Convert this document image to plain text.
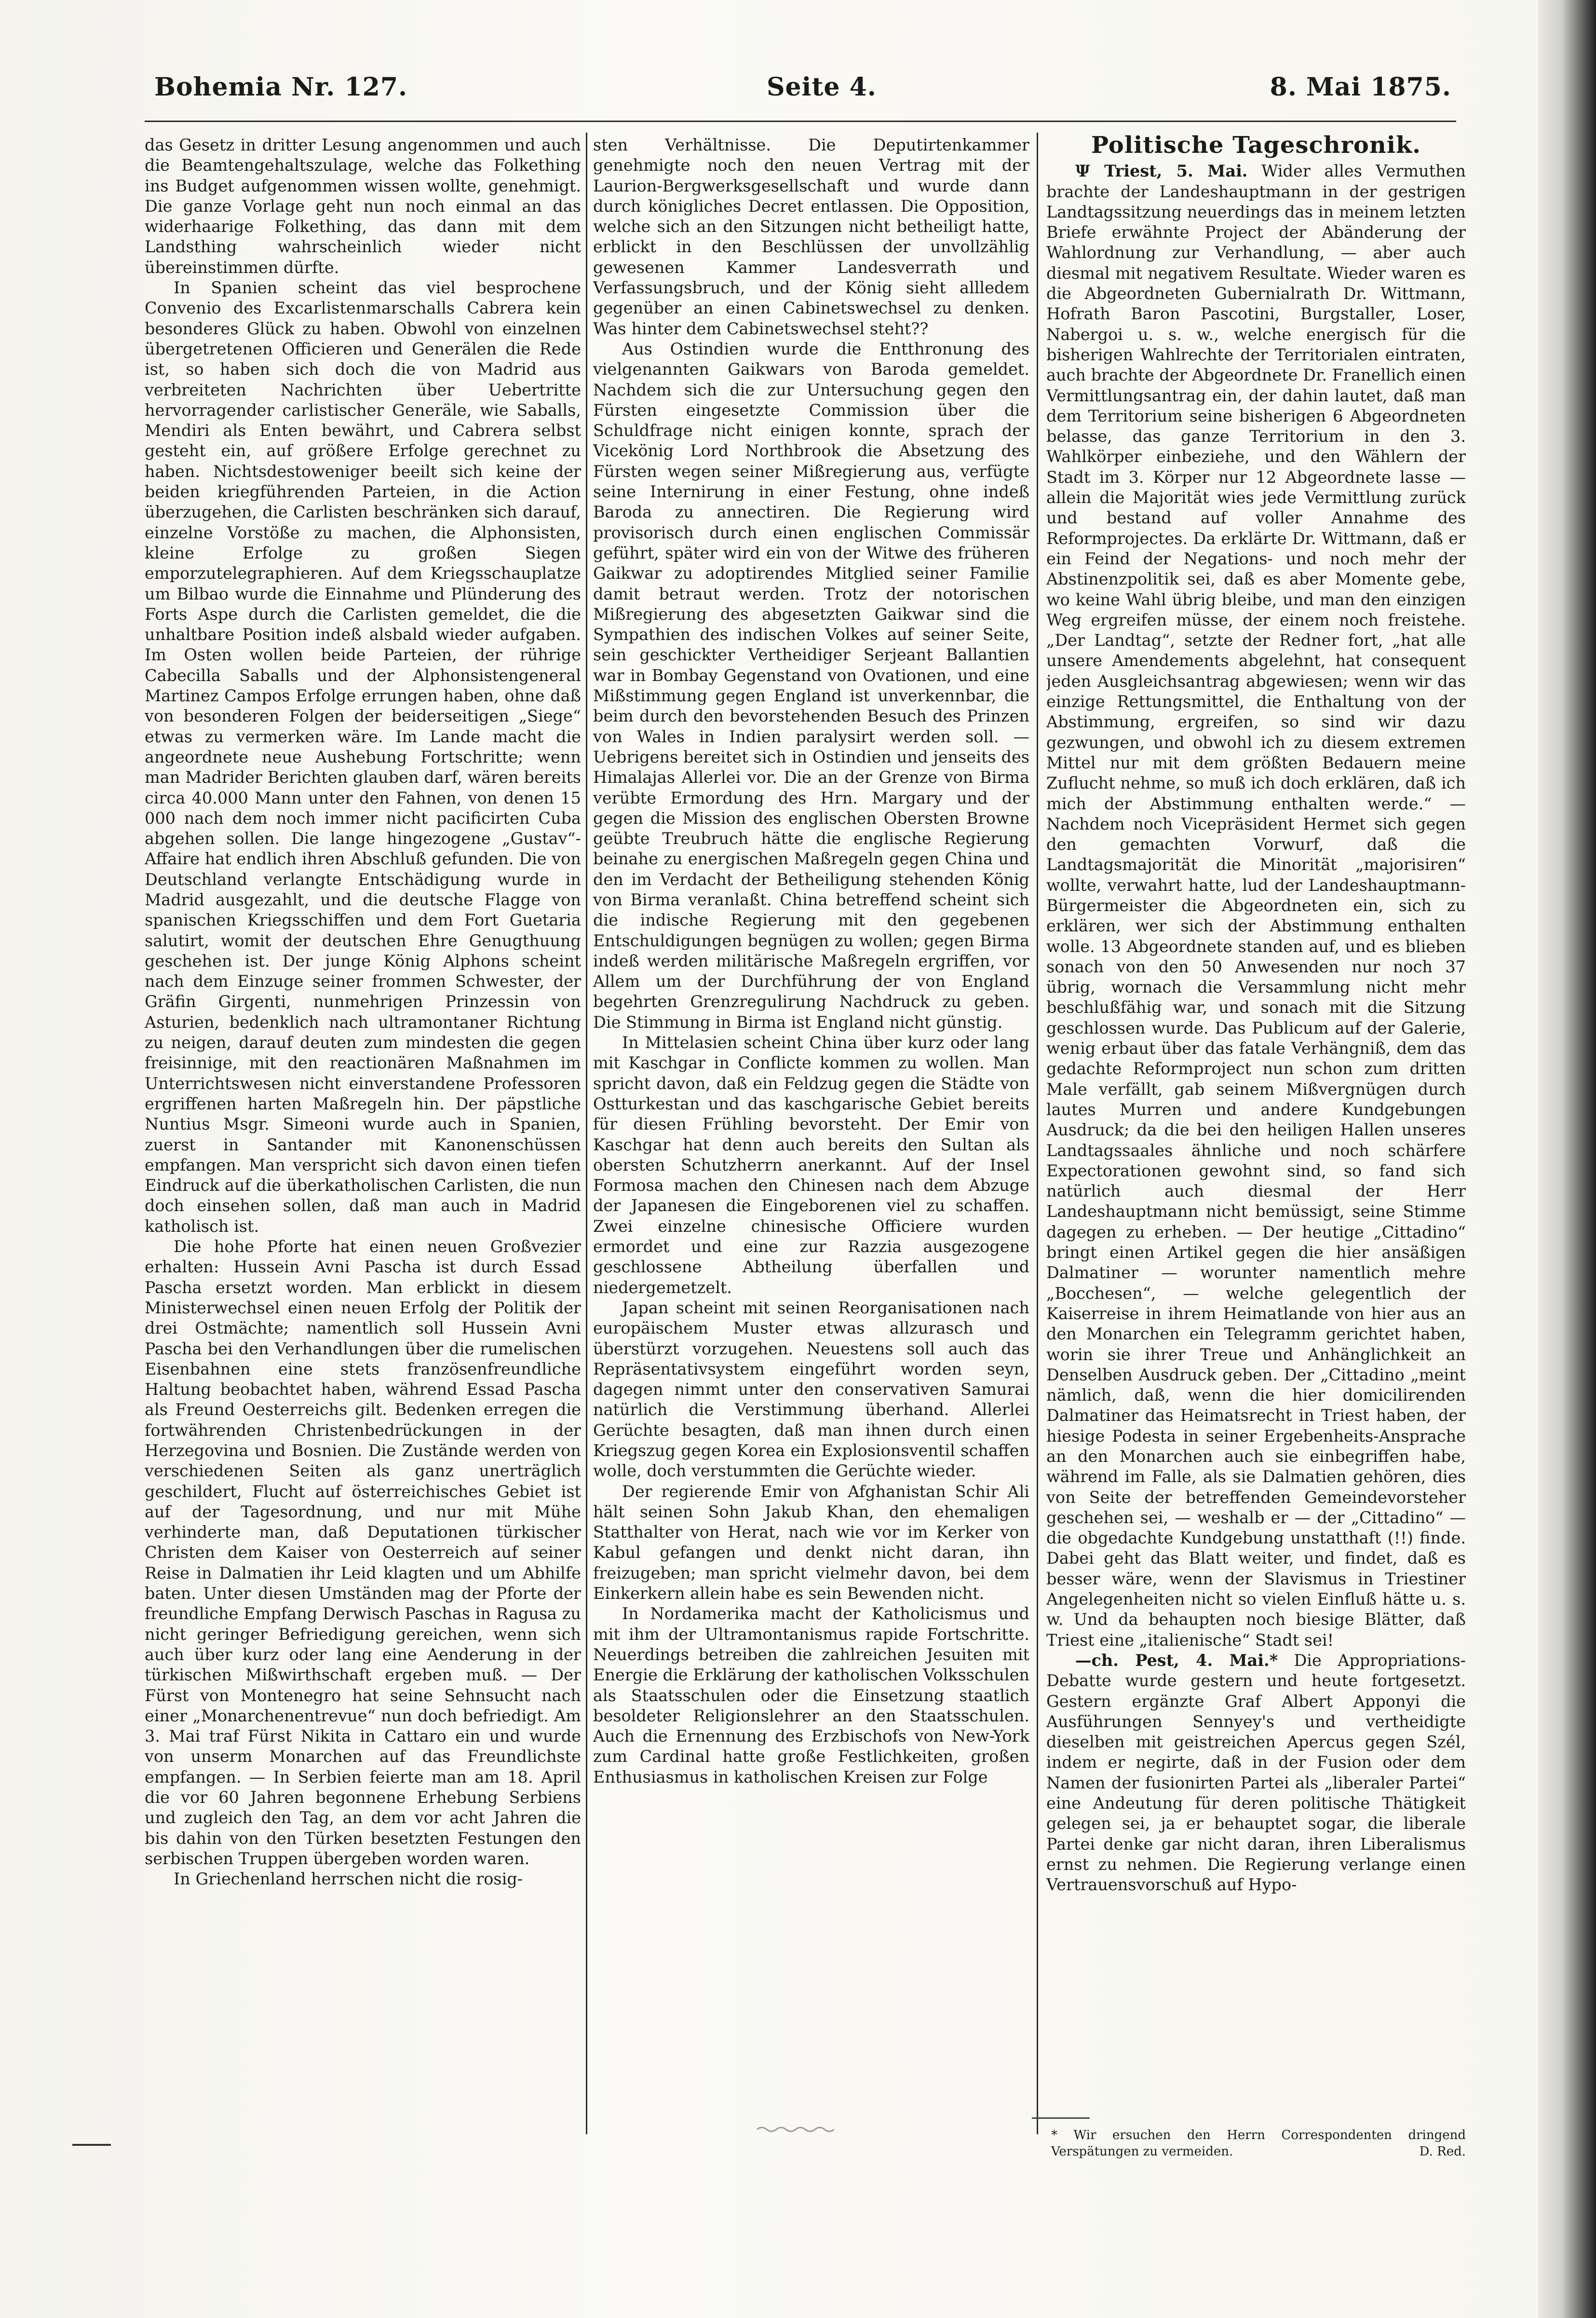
Bohemia Nr. 127.	Seite 4.	8. Mai 1875.

das Gesetz in dritter Lesung angenommen und auch die Beamtengehaltszulage, welche das Folkething ins Budget aufgenommen wissen wollte, genehmigt. Die ganze Vorlage geht nun noch einmal an das widerhaarige Folkething, das dann mit dem Landsthing wahrscheinlich wieder nicht übereinstimmen dürfte.

In Spanien scheint das viel besprochene Convenio des Excarlistenmarschalls Cabrera kein besonderes Glück zu haben. Obwohl von einzelnen übergetretenen Officieren und Generälen die Rede ist, so haben sich doch die von Madrid aus verbreiteten Nachrichten über Uebertritte hervorragender carlistischer Generäle, wie Saballs, Mendiri als Enten bewährt, und Cabrera selbst gesteht ein, auf größere Erfolge gerechnet zu haben. Nichtsdestoweniger beeilt sich keine der beiden kriegführenden Parteien, in die Action überzugehen, die Carlisten beschränken sich darauf, einzelne Vorstöße zu machen, die Alphonsisten, kleine Erfolge zu großen Siegen emporzutelegraphieren. Auf dem Kriegsschauplatze um Bilbao wurde die Einnahme und Plünderung des Forts Aspe durch die Carlisten gemeldet, die die unhaltbare Position indeß alsbald wieder aufgaben. Im Osten wollen beide Parteien, der rührige Cabecilla Saballs und der Alphonsistengeneral Martinez Campos Erfolge errungen haben, ohne daß von besonderen Folgen der beiderseitigen „Siege“ etwas zu vermerken wäre. Im Lande macht die angeordnete neue Aushebung Fortschritte; wenn man Madrider Berichten glauben darf, wären bereits circa 40.000 Mann unter den Fahnen, von denen 15 000 nach dem noch immer nicht pacificirten Cuba abgehen sollen. Die lange hingezogene „Gustav“-Affaire hat endlich ihren Abschluß gefunden. Die von Deutschland verlangte Entschädigung wurde in Madrid ausgezahlt, und die deutsche Flagge von spanischen Kriegsschiffen und dem Fort Guetaria salutirt, womit der deutschen Ehre Genugthuung geschehen ist. Der junge König Alphons scheint nach dem Einzuge seiner frommen Schwester, der Gräfin Girgenti, nunmehrigen Prinzessin von Asturien, bedenklich nach ultramontaner Richtung zu neigen, darauf deuten zum mindesten die gegen freisinnige, mit den reactionären Maßnahmen im Unterrichtswesen nicht einverstandene Professoren ergriffenen harten Maßregeln hin. Der päpstliche Nuntius Msgr. Simeoni wurde auch in Spanien, zuerst in Santander mit Kanonenschüssen empfangen. Man verspricht sich davon einen tiefen Eindruck auf die überkatholischen Carlisten, die nun doch einsehen sollen, daß man auch in Madrid katholisch ist.

Die hohe Pforte hat einen neuen Großvezier erhalten: Hussein Avni Pascha ist durch Essad Pascha ersetzt worden. Man erblickt in diesem Ministerwechsel einen neuen Erfolg der Politik der drei Ostmächte; namentlich soll Hussein Avni Pascha bei den Verhandlungen über die rumelischen Eisenbahnen eine stets französenfreundliche Haltung beobachtet haben, während Essad Pascha als Freund Oesterreichs gilt. Bedenken erregen die fortwährenden Christenbedrückungen in der Herzegovina und Bosnien. Die Zustände werden von verschiedenen Seiten als ganz unerträglich geschildert, Flucht auf österreichisches Gebiet ist auf der Tagesordnung, und nur mit Mühe verhinderte man, daß Deputationen türkischer Christen dem Kaiser von Oesterreich auf seiner Reise in Dalmatien ihr Leid klagten und um Abhilfe baten. Unter diesen Umständen mag der Pforte der freundliche Empfang Derwisch Paschas in Ragusa zu nicht geringer Befriedigung gereichen, wenn sich auch über kurz oder lang eine Aenderung in der türkischen Mißwirthschaft ergeben muß. — Der Fürst von Montenegro hat seine Sehnsucht nach einer „Monarchenentrevue“ nun doch befriedigt. Am 3. Mai traf Fürst Nikita in Cattaro ein und wurde von unserm Monarchen auf das Freundlichste empfangen. — In Serbien feierte man am 18. April die vor 60 Jahren begonnene Erhebung Serbiens und zugleich den Tag, an dem vor acht Jahren die bis dahin von den Türken besetzten Festungen den serbischen Truppen übergeben worden waren.

In Griechenland herrschen nicht die rosig-

sten Verhältnisse. Die Deputirtenkammer genehmigte noch den neuen Vertrag mit der Laurion-Bergwerksgesellschaft und wurde dann durch königliches Decret entlassen. Die Opposition, welche sich an den Sitzungen nicht betheiligt hatte, erblickt in den Beschlüssen der unvollzählig gewesenen Kammer Landesverrath und Verfassungsbruch, und der König sieht allledem gegenüber an einen Cabinetswechsel zu denken. Was hinter dem Cabinetswechsel steht??

Aus Ostindien wurde die Entthronung des vielgenannten Gaikwars von Baroda gemeldet. Nachdem sich die zur Untersuchung gegen den Fürsten eingesetzte Commission über die Schuldfrage nicht einigen konnte, sprach der Vicekönig Lord Northbrook die Absetzung des Fürsten wegen seiner Mißregierung aus, verfügte seine Internirung in einer Festung, ohne indeß Baroda zu annectiren. Die Regierung wird provisorisch durch einen englischen Commissär geführt, später wird ein von der Witwe des früheren Gaikwar zu adoptirendes Mitglied seiner Familie damit betraut werden. Trotz der notorischen Mißregierung des abgesetzten Gaikwar sind die Sympathien des indischen Volkes auf seiner Seite, sein geschickter Vertheidiger Serjeant Ballantien war in Bombay Gegenstand von Ovationen, und eine Mißstimmung gegen England ist unverkennbar, die beim durch den bevorstehenden Besuch des Prinzen von Wales in Indien paralysirt werden soll. — Uebrigens bereitet sich in Ostindien und jenseits des Himalajas Allerlei vor. Die an der Grenze von Birma verübte Ermordung des Hrn. Margary und der gegen die Mission des englischen Obersten Browne geübte Treubruch hätte die englische Regierung beinahe zu energischen Maßregeln gegen China und den im Verdacht der Betheiligung stehenden König von Birma veranlaßt. China betreffend scheint sich die indische Regierung mit den gegebenen Entschuldigungen begnügen zu wollen; gegen Birma indeß werden militärische Maßregeln ergriffen, vor Allem um der Durchführung der von England begehrten Grenzregulirung Nachdruck zu geben. Die Stimmung in Birma ist England nicht günstig.

In Mittelasien scheint China über kurz oder lang mit Kaschgar in Conflicte kommen zu wollen. Man spricht davon, daß ein Feldzug gegen die Städte von Ostturkestan und das kaschgarische Gebiet bereits für diesen Frühling bevorsteht. Der Emir von Kaschgar hat denn auch bereits den Sultan als obersten Schutzherrn anerkannt. Auf der Insel Formosa machen den Chinesen nach dem Abzuge der Japanesen die Eingeborenen viel zu schaffen. Zwei einzelne chinesische Officiere wurden ermordet und eine zur Razzia ausgezogene geschlossene Abtheilung überfallen und niedergemetzelt.

Japan scheint mit seinen Reorganisationen nach europäischem Muster etwas allzurasch und überstürzt vorzugehen. Neuestens soll auch das Repräsentativsystem eingeführt worden seyn, dagegen nimmt unter den conservativen Samurai natürlich die Verstimmung überhand. Allerlei Gerüchte besagten, daß man ihnen durch einen Kriegszug gegen Korea ein Explosionsventil schaffen wolle, doch verstummten die Gerüchte wieder.

Der regierende Emir von Afghanistan Schir Ali hält seinen Sohn Jakub Khan, den ehemaligen Statthalter von Herat, nach wie vor im Kerker von Kabul gefangen und denkt nicht daran, ihn freizugeben; man spricht vielmehr davon, bei dem Einkerkern allein habe es sein Bewenden nicht.

In Nordamerika macht der Katholicismus und mit ihm der Ultramontanismus rapide Fortschritte. Neuerdings betreiben die zahlreichen Jesuiten mit Energie die Erklärung der katholischen Volksschulen als Staatsschulen oder die Einsetzung staatlich besoldeter Religionslehrer an den Staatsschulen. Auch die Ernennung des Erzbischofs von New-York zum Cardinal hatte große Festlichkeiten, großen Enthusiasmus in katholischen Kreisen zur Folge

Politische Tageschronik.

Ψ Triest, 5. Mai. Wider alles Vermuthen brachte der Landeshauptmann in der gestrigen Landtagssitzung neuerdings das in meinem letzten Briefe erwähnte Project der Abänderung der Wahlordnung zur Verhandlung, — aber auch diesmal mit negativem Resultate. Wieder waren es die Abgeordneten Gubernialrath Dr. Wittmann, Hofrath Baron Pascotini, Burgstaller, Loser, Nabergoi u. s. w., welche energisch für die bisherigen Wahlrechte der Territorialen eintraten, auch brachte der Abgeordnete Dr. Franellich einen Vermittlungsantrag ein, der dahin lautet, daß man dem Territorium seine bisherigen 6 Abgeordneten belasse, das ganze Territorium in den 3. Wahlkörper einbeziehe, und den Wählern der Stadt im 3. Körper nur 12 Abgeordnete lasse — allein die Majorität wies jede Vermittlung zurück und bestand auf voller Annahme des Reformprojectes. Da erklärte Dr. Wittmann, daß er ein Feind der Negations- und noch mehr der Abstinenzpolitik sei, daß es aber Momente gebe, wo keine Wahl übrig bleibe, und man den einzigen Weg ergreifen müsse, der einem noch freistehe. „Der Landtag“, setzte der Redner fort, „hat alle unsere Amendements abgelehnt, hat consequent jeden Ausgleichsantrag abgewiesen; wenn wir das einzige Rettungsmittel, die Enthaltung von der Abstimmung, ergreifen, so sind wir dazu gezwungen, und obwohl ich zu diesem extremen Mittel nur mit dem größten Bedauern meine Zuflucht nehme, so muß ich doch erklären, daß ich mich der Abstimmung enthalten werde.“ — Nachdem noch Vicepräsident Hermet sich gegen den gemachten Vorwurf, daß die Landtagsmajorität die Minorität „majorisiren“ wollte, verwahrt hatte, lud der Landeshauptmann-Bürgermeister die Abgeordneten ein, sich zu erklären, wer sich der Abstimmung enthalten wolle. 13 Abgeordnete standen auf, und es blieben sonach von den 50 Anwesenden nur noch 37 übrig, wornach die Versammlung nicht mehr beschlußfähig war, und sonach mit die Sitzung geschlossen wurde. Das Publicum auf der Galerie, wenig erbaut über das fatale Verhängniß, dem das gedachte Reformproject nun schon zum dritten Male verfällt, gab seinem Mißvergnügen durch lautes Murren und andere Kundgebungen Ausdruck; da die bei den heiligen Hallen unseres Landtagssaales ähnliche und noch schärfere Expectorationen gewohnt sind, so fand sich natürlich auch diesmal der Herr Landeshauptmann nicht bemüssigt, seine Stimme dagegen zu erheben. — Der heutige „Cittadino“ bringt einen Artikel gegen die hier ansäßigen Dalmatiner — worunter namentlich mehre „Bocchesen“, — welche gelegentlich der Kaiserreise in ihrem Heimatlande von hier aus an den Monarchen ein Telegramm gerichtet haben, worin sie ihrer Treue und Anhänglichkeit an Denselben Ausdruck geben. Der „Cittadino „meint nämlich, daß, wenn die hier domicilirenden Dalmatiner das Heimatsrecht in Triest haben, der hiesige Podesta in seiner Ergebenheits-Ansprache an den Monarchen auch sie einbegriffen habe, während im Falle, als sie Dalmatien gehören, dies von Seite der betreffenden Gemeindevorsteher geschehen sei, — weshalb er — der „Cittadino“ — die obgedachte Kundgebung unstatthaft (!!) finde. Dabei geht das Blatt weiter, und findet, daß es besser wäre, wenn der Slavismus in Triestiner Angelegenheiten nicht so vielen Einfluß hätte u. s. w. Und da behaupten noch biesige Blätter, daß Triest eine „italienische“ Stadt sei!

—ch. Pest, 4. Mai.* Die Appropriations-Debatte wurde gestern und heute fortgesetzt. Gestern ergänzte Graf Albert Apponyi die Ausführungen Sennyey's und vertheidigte dieselben mit geistreichen Apercus gegen Szél, indem er negirte, daß in der Fusion oder dem Namen der fusionirten Partei als „liberaler Partei“ eine Andeutung für deren politische Thätigkeit gelegen sei, ja er behauptet sogar, die liberale Partei denke gar nicht daran, ihren Liberalismus ernst zu nehmen. Die Regierung verlange einen Vertrauensvorschuß auf Hypo-

* Wir ersuchen den Herrn Correspondenten dringend Verspätungen zu vermeiden.	D. Red.
